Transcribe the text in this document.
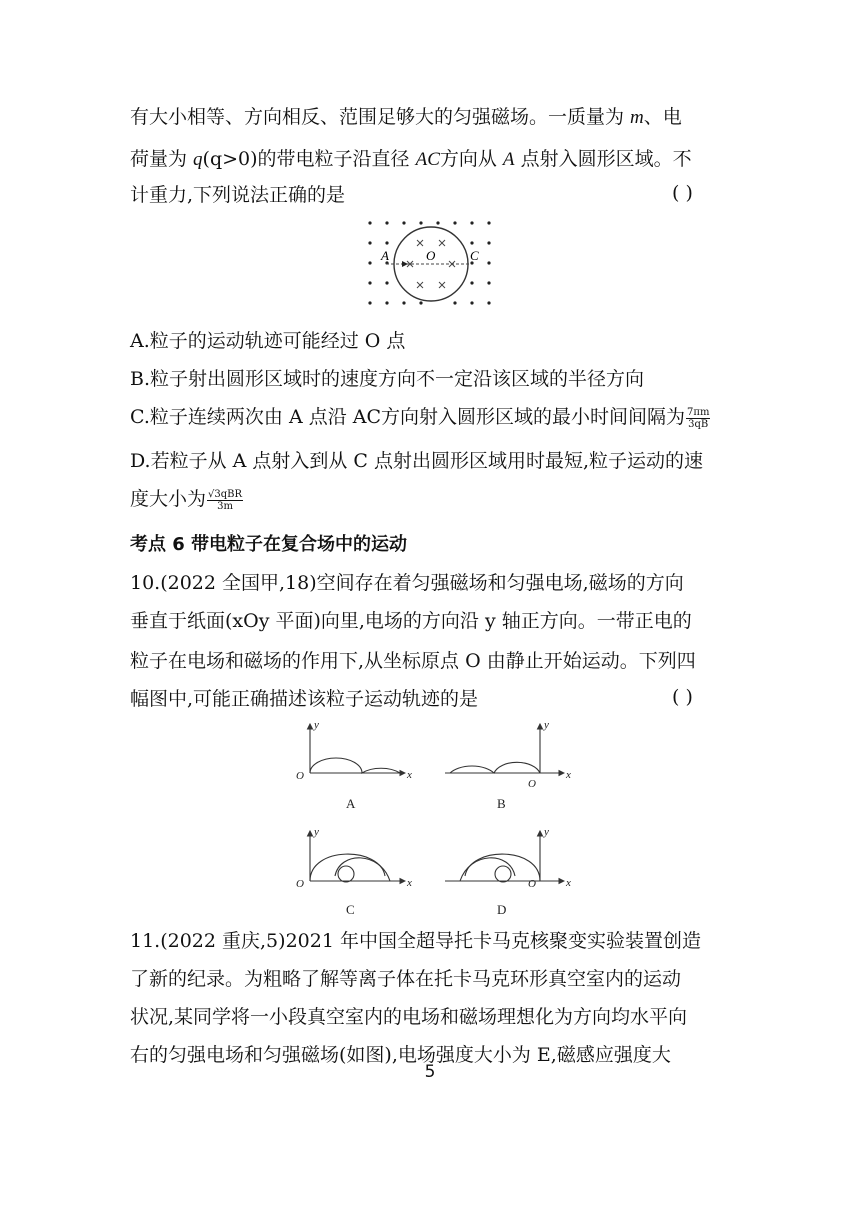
有大小相等、方向相反、范围足够大的匀强磁场。一质量为 m、电
荷量为 q(q>0)的带电粒子沿直径 AC方向从 A 点射入圆形区域。不
计重力,下列说法正确的是	( )
A	O	C
A.粒子的运动轨迹可能经过 O 点
B.粒子射出圆形区域时的速度方向不一定沿该区域的半径方向
C.粒子连续两次由 A 点沿 AC方向射入圆形区域的最小时间间隔为 $\frac{7\pi m}{3qB}$
D.若粒子从 A 点射入到从 C 点射出圆形区域用时最短,粒子运动的速
度大小为 $\frac{\text{√3qBR}}{3m}$
考点 6 带电粒子在复合场中的运动
10.(2022 全国甲,18)空间存在着匀强磁场和匀强电场,磁场的方向
垂直于纸面(xOy 平面)向里,电场的方向沿 y 轴正方向。一带正电的
粒子在电场和磁场的作用下,从坐标原点 O 由静止开始运动。下列四
幅图中,可能正确描述该粒子运动轨迹的是	( )
y
x
O
y
x
O
y
x
O
y
x
O
A	B
C	D
11.(2022 重庆,5)2021 年中国全超导托卡马克核聚变实验装置创造
了新的纪录。为粗略了解等离子体在托卡马克环形真空室内的运动
状况,某同学将一小段真空室内的电场和磁场理想化为方向均水平向
右的匀强电场和匀强磁场(如图),电场强度大小为 E,磁感应强度大
5
